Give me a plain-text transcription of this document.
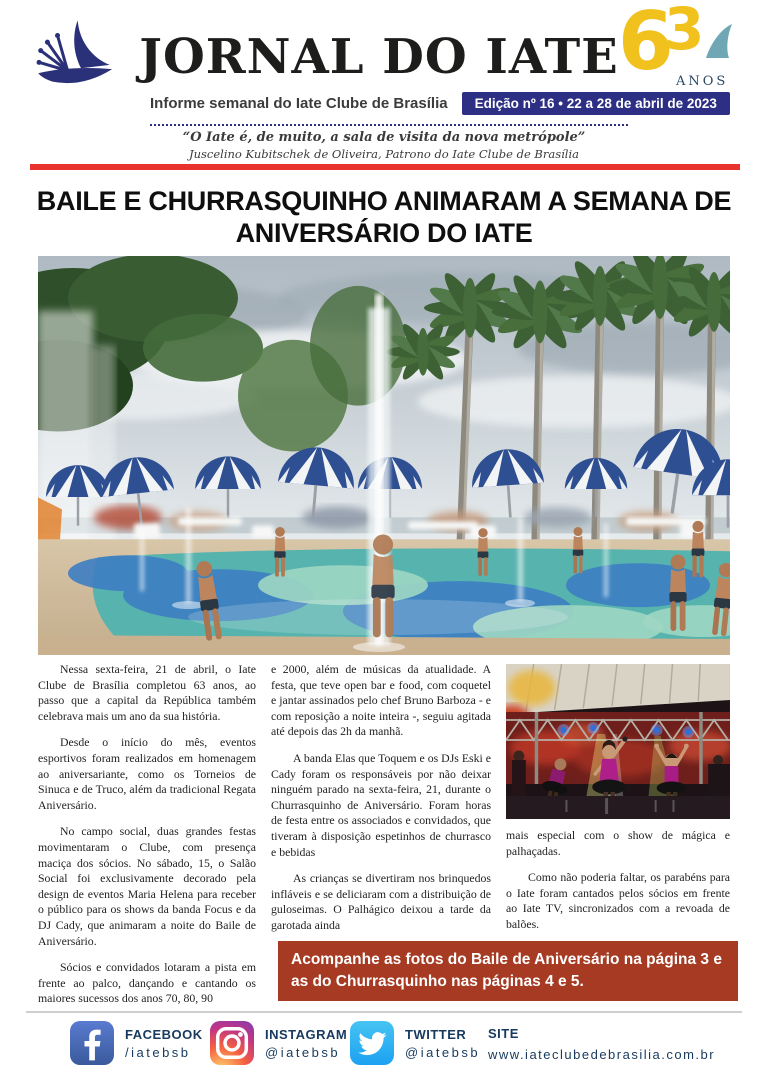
JORNAL DO IATE 6
3
ANOS
Informe semanal do Iate Clube de Brasília	Edição nº 16 • 22 a 28 de abril de 2023
“O Iate é, de muito, a sala de visita da nova metrópole”
Juscelino Kubitschek de Oliveira, Patrono do Iate Clube de Brasília
BAILE E CHURRASQUINHO ANIMARAM A SEMANA DE ANIVERSÁRIO DO IATE

Nessa sexta-feira, 21 de abril, o Iate Clube de Brasília completou 63 anos, ao passo que a capital da República também celebrava mais um ano da sua história.

Desde o início do mês, eventos esportivos foram realizados em homenagem ao aniversariante, como os Torneios de Sinuca e de Truco, além da tradicional Regata Aniversário.

No campo social, duas grandes festas movimentaram o Clube, com presença maciça dos sócios. No sábado, 15, o Salão Social foi exclusivamente decorado pela design de eventos Maria Helena para receber o público para os shows da banda Focus e da DJ Cady, que animaram a noite do Baile de Aniversário.

Sócios e convidados lotaram a pista em frente ao palco, dançando e cantando os maiores sucessos dos anos 70, 80, 90

e 2000, além de músicas da atualidade. A festa, que teve open bar e food, com coquetel e jantar assinados pelo chef Bruno Barboza - e com reposição a noite inteira -, seguiu agitada até depois das 2h da manhã.

A banda Elas que Toquem e os DJs Eski e Cady foram os responsáveis por não deixar ninguém parado na sexta-feira, 21, durante o Churrasquinho de Aniversário. Foram horas de festa entre os associados e convidados, que tiveram à disposição espetinhos de churrasco e bebidas

As crianças se divertiram nos brinquedos infláveis e se deliciaram com a distribuição de guloseimas. O Palhágico deixou a tarde da garotada ainda

mais especial com o show de mágica e palhaçadas.

Como não poderia faltar, os parabéns para o Iate foram cantados pelos sócios em frente ao Iate TV, sincronizados com a revoada de balões.

Acompanhe as fotos do Baile de Aniversário na página 3 e as do Churrasquinho nas páginas 4 e 5.
FACEBOOK
/iatebsb
INSTAGRAM
@iatebsb
TWITTER
@iatebsb
SITE
www.iateclubedebrasilia.com.br
